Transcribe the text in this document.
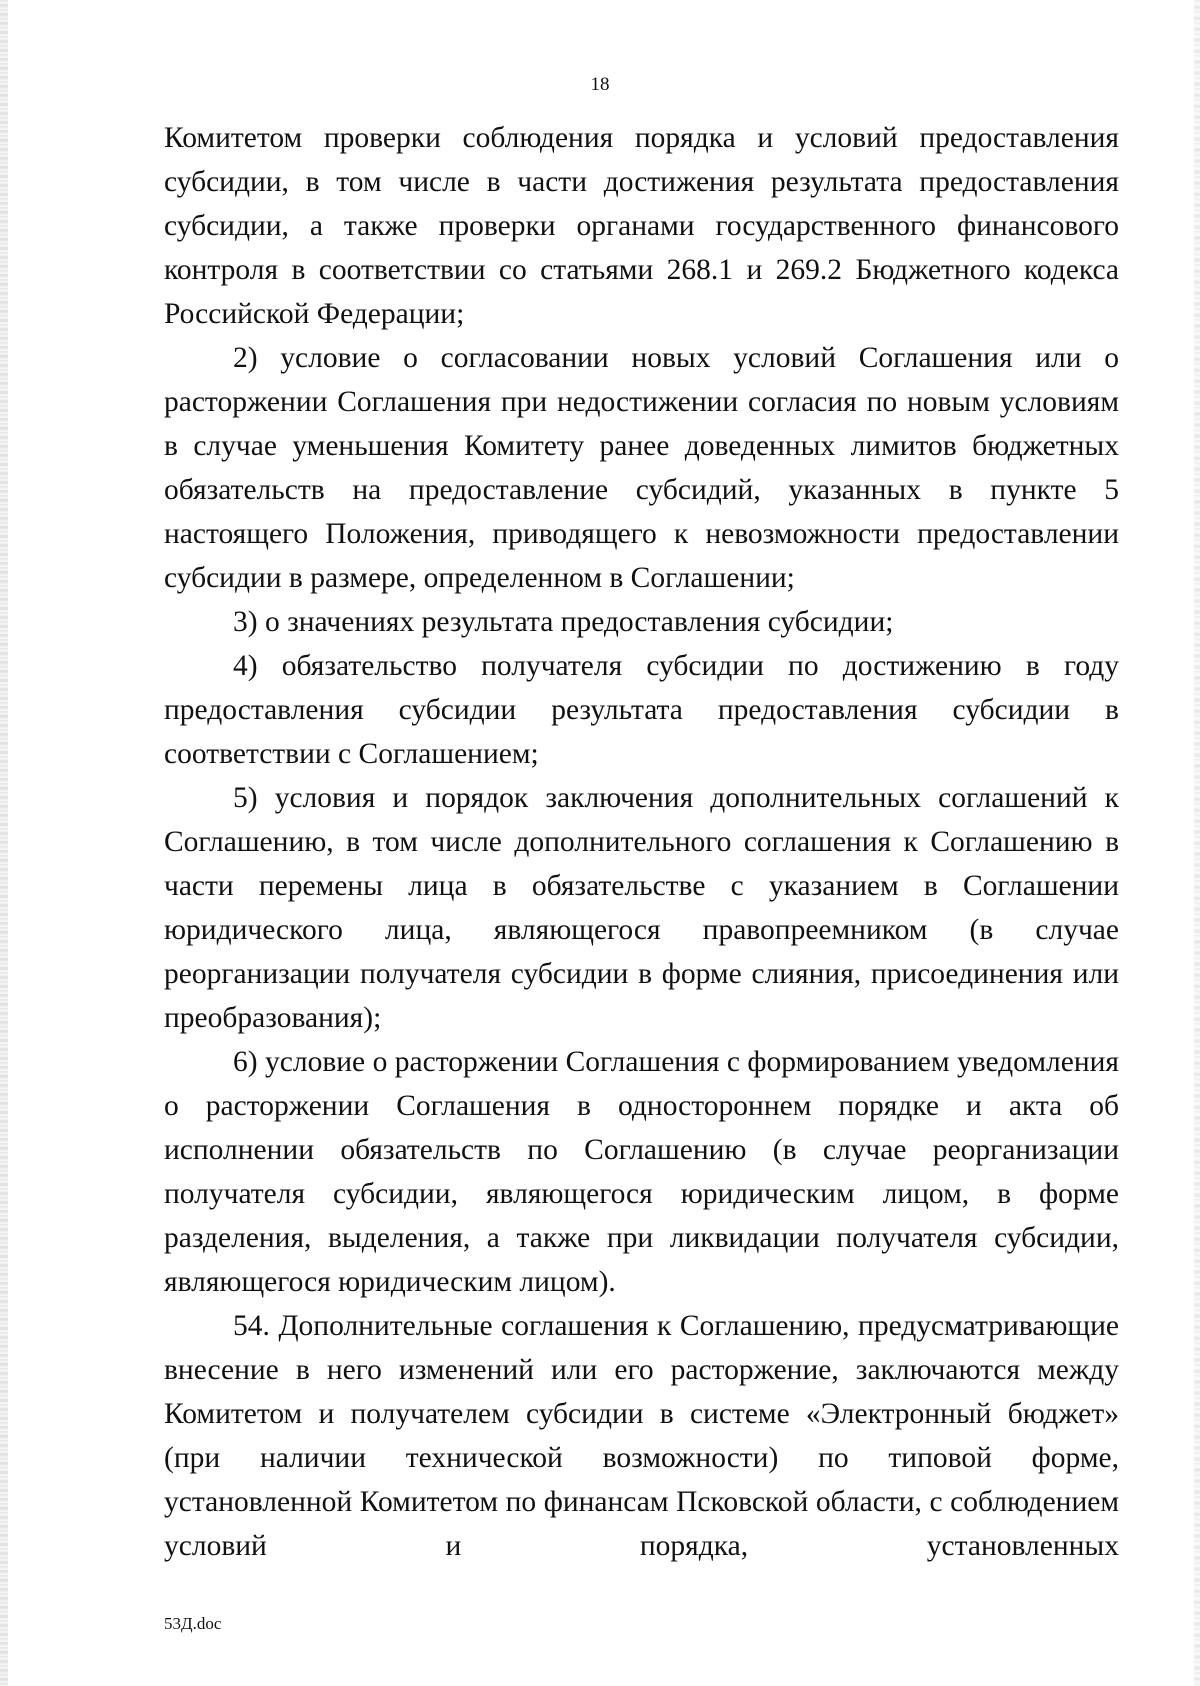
18

Комитетом проверки соблюдения порядка и условий предоставления субсидии, в том числе в части достижения результата предоставления субсидии, а также проверки органами государственного финансового контроля в соответствии со статьями 268.1 и 269.2 Бюджетного кодекса Российской Федерации;

2) условие о согласовании новых условий Соглашения или о расторжении Соглашения при недостижении согласия по новым условиям в случае уменьшения Комитету ранее доведенных лимитов бюджетных обязательств на предоставление субсидий, указанных в пункте 5 настоящего Положения, приводящего к невозможности предоставлении субсидии в размере, определенном в Соглашении;

3) о значениях результата предоставления субсидии;

4) обязательство получателя субсидии по достижению в году предоставления субсидии результата предоставления субсидии в соответствии с Соглашением;

5) условия и порядок заключения дополнительных соглашений к Соглашению, в том числе дополнительного соглашения к Соглашению в части перемены лица в обязательстве с указанием в Соглашении юридического лица, являющегося правопреемником (в случае реорганизации получателя субсидии в форме слияния, присоединения или преобразования);

6) условие о расторжении Соглашения с формированием уведомления о расторжении Соглашения в одностороннем порядке и акта об исполнении обязательств по Соглашению (в случае реорганизации получателя субсидии, являющегося юридическим лицом, в форме разделения, выделения, а также при ликвидации получателя субсидии, являющегося юридическим лицом).

54. Дополнительные соглашения к Соглашению, предусматривающие внесение в него изменений или его расторжение, заключаются между Комитетом и получателем субсидии в системе «Электронный бюджет» (при наличии технической возможности) по типовой форме, установленной Комитетом по финансам Псковской области, с соблюдением условий и порядка, установленных

53Д.doc
